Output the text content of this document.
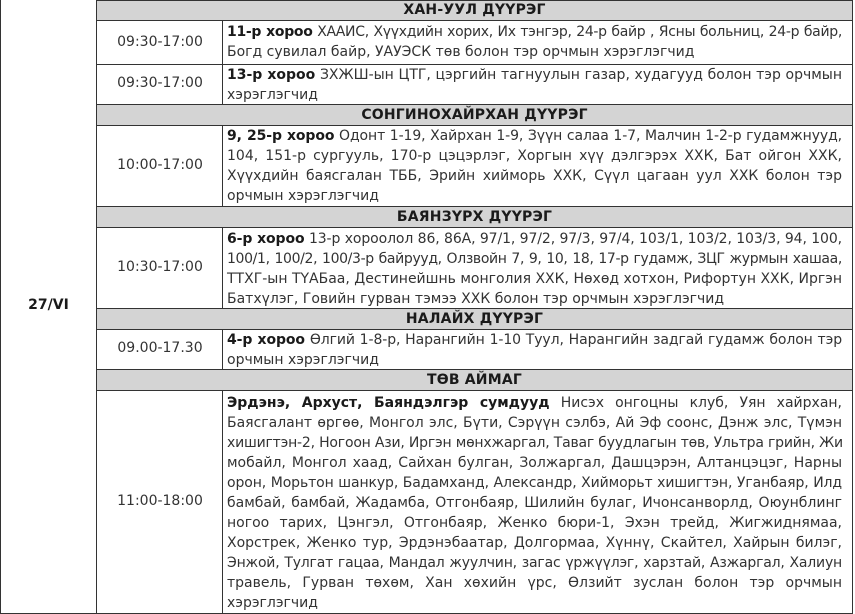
27/VI
ХАН-УУЛ ДҮҮРЭГ
09:30-17:00
11-р хороо ХААИС, Хүүхдийн хорих, Их тэнгэр, 24-р байр , Ясны больниц, 24-р байр,
Богд сувилал байр, УАУЭСК төв болон тэр орчмын хэрэглэгчид
09:30-17:00	13-р хороо ЗХЖШ-ын ЦТГ, цэргийн тагнуулын газар, худагууд болон тэр орчмын
хэрэглэгчид
СОНГИНОХАЙРХАН ДҮҮРЭГ
10:00-17:00
9, 25-р хороо Одонт 1-19, Хайрхан 1-9, Зүүн салаа 1-7, Малчин 1-2-р гудамжнууд,
104, 151-р сургууль, 170-р цэцэрлэг, Хоргын хүү дэлгэрэх ХХК, Бат ойгон ХХК,
Хүүхдийн баясгалан ТББ, Эрийн хийморь ХХК, Сүүл цагаан уул ХХК болон тэр
орчмын хэрэглэгчид
БАЯНЗҮРХ ДҮҮРЭГ
10:30-17:00
6-р хороо 13-р хороолол 86, 86А, 97/1, 97/2, 97/3, 97/4, 103/1, 103/2, 103/3, 94, 100,
100/1, 100/2, 100/3-р байрууд, Олзвойн 7, 9, 10, 18, 17-р гудамж, ЗЦГ журмын хашаа,
ТТХГ-ын ТҮАБаа, Дестинейшнь монголия ХХК, Нөхөд хотхон, Рифортун ХХК, Иргэн
Батхүлэг, Говийн гурван тэмээ ХХК болон тэр орчмын хэрэглэгчид
НАЛАЙХ ДҮҮРЭГ
09.00-17.30	4-р хороо Өлгий 1-8-р, Нарангийн 1-10 Туул, Нарангийн задгай гудамж болон тэр
орчмын хэрэглэгчид
ТӨВ АЙМАГ
11:00-18:00
Эрдэнэ, Архуст, Баяндэлгэр сумдууд Нисэх онгоцны клуб, Уян хайрхан,
Баясгалант өргөө, Монгол элс, Бүти, Сэрүүн сэлбэ, Ай Эф соонс, Дэнж элс, Түмэн
хишигтэн-2, Ногоон Ази, Иргэн мөнхжаргал, Таваг буудлагын төв, Ультра грийн, Жи
мобайл, Монгол хаад, Сайхан булган, Золжаргал, Дашцэрэн, Алтанцэцэг, Нарны
орон, Морьтон шанкур, Бадамханд, Александр, Хийморьт хишигтэн, Уганбаяр, Илд
бамбай, бамбай, Жадамба, Отгонбаяр, Шилийн булаг, Ичонсанворлд, Оюунблинг
ногоо тарих, Цэнгэл, Отгонбаяр, Женко бюри-1, Эхэн трейд, Жигжиднямаа,
Хорстрек, Женко тур, Эрдэнэбаатар, Долгормаа, Хүннү, Скайтел, Хайрын билэг,
Энжой, Тулгат гацаа, Мандал жуулчин, загас үржүүлэг, харзтай, Азжаргал, Халиун
травель, Гурван төхөм, Хан хөхийн үрс, Өлзийт зуслан болон тэр орчмын
хэрэглэгчид
